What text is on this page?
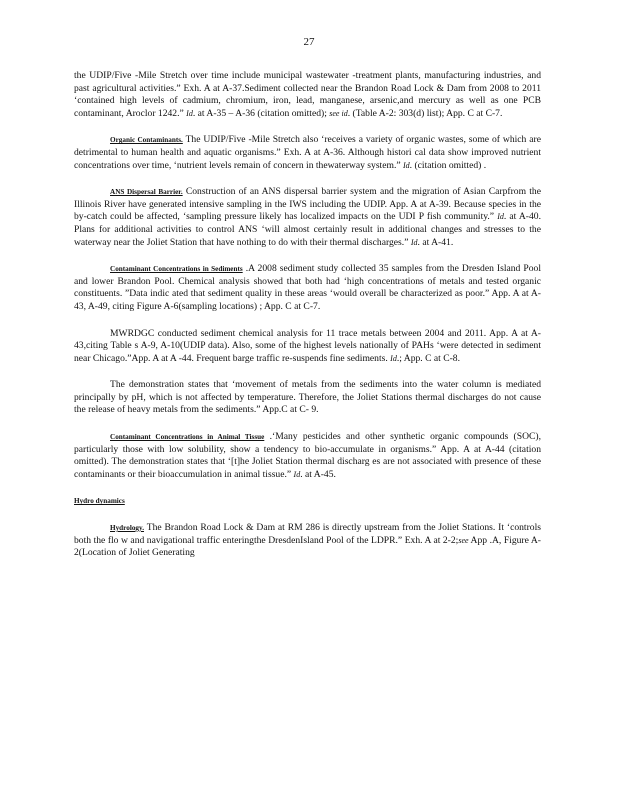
27

the UDIP/Five -Mile Stretch over time include municipal wastewater -treatment plants, manufacturing industries, and past agricultural activities.” Exh. A at A-37.Sediment collected near the Brandon Road Lock & Dam from 2008 to 2011 ‘contained high levels of cadmium, chromium, iron, lead, manganese, arsenic,and mercury as well as one PCB contaminant, Aroclor 1242.” Id. at A-35 – A-36 (citation omitted); see id. (Table A-2: 303(d) list); App. C at C-7.

Organic Contaminants. The UDIP/Five -Mile Stretch also ‘receives a variety of organic wastes, some of which are detrimental to human health and aquatic organisms.” Exh. A at A-36. Although histori cal data show improved nutrient concentrations over time, ‘nutrient levels remain of concern in thewaterway system.” Id. (citation omitted) .

ANS Dispersal Barrier. Construction of an ANS dispersal barrier system and the migration of Asian Carpfrom the Illinois River have generated intensive sampling in the IWS including the UDIP. App. A at A-39. Because species in the by-catch could be affected, ‘sampling pressure likely has localized impacts on the UDI P fish community.” Id. at A-40. Plans for additional activities to control ANS ‘will almost certainly result in additional changes and stresses to the waterway near the Joliet Station that have nothing to do with their thermal discharges.” Id. at A-41.

Contaminant Concentrations in Sediments .A 2008 sediment study collected 35 samples from the Dresden Island Pool and lower Brandon Pool. Chemical analysis showed that both had ‘high concentrations of metals and tested organic constituents. ”Data indic ated that sediment quality in these areas ‘would overall be characterized as poor.” App. A at A-43, A-49, citing Figure A-6(sampling locations) ; App. C at C-7.

MWRDGC conducted sediment chemical analysis for 11 trace metals between 2004 and 2011. App. A at A-43,citing Table s A-9, A-10(UDIP data). Also, some of the highest levels nationally of PAHs ‘were detected in sediment near Chicago.”App. A at A -44. Frequent barge traffic re-suspends fine sediments. Id.; App. C at C-8.

The demonstration states that ‘movement of metals from the sediments into the water column is mediated principally by pH, which is not affected by temperature. Therefore, the Joliet Stations thermal discharges do not cause the release of heavy metals from the sediments.” App.C at C- 9.

Contaminant Concentrations in Animal Tissue .‘Many pesticides and other synthetic organic compounds (SOC), particularly those with low solubility, show a tendency to bio-accumulate in organisms.” App. A at A-44 (citation omitted). The demonstration states that ‘[t]he Joliet Station thermal discharg es are not associated with presence of these contaminants or their bioaccumulation in animal tissue.” Id. at A-45.

Hydro dynamics

Hydrology. The Brandon Road Lock & Dam at RM 286 is directly upstream from the Joliet Stations. It ‘controls both the flo w and navigational traffic enteringthe DresdenIsland Pool of the LDPR.” Exh. A at 2-2;see App .A, Figure A- 2(Location of Joliet Generating
